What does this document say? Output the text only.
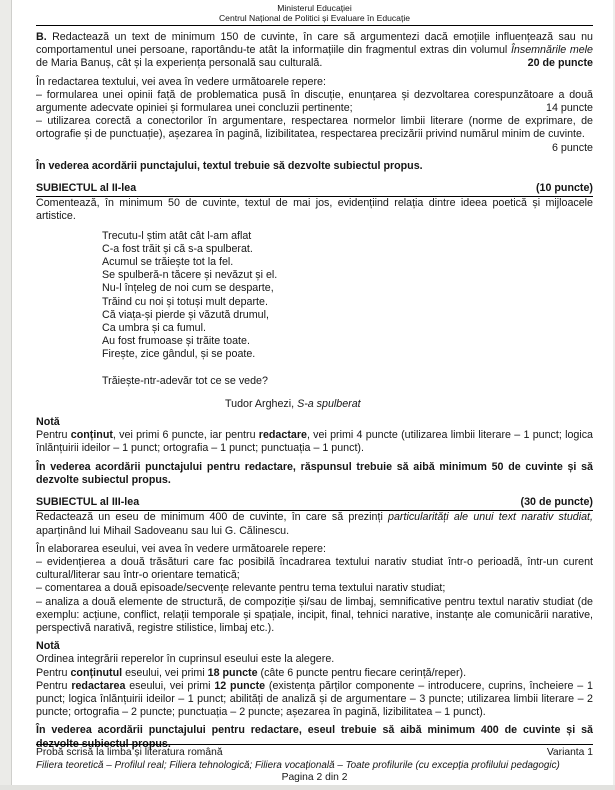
Ministerul Educației
Centrul Național de Politici și Evaluare în Educație

B. Redactează un text de minimum 150 de cuvinte, în care să argumentezi dacă emoțiile influențează sau nu comportamentul unei persoane, raportându-te atât la informațiile din fragmentul extras din volumul Însemnările mele de Maria Banuș, cât și la experiența personală sau culturală.	20 de puncte

În redactarea textului, vei avea în vedere următoarele repere:

– formularea unei opinii față de problematica pusă în discuție, enunțarea și dezvoltarea corespunzătoare a două argumente adecvate opiniei și formularea unei concluzii pertinente;	14 puncte

– utilizarea corectă a conectorilor în argumentare, respectarea normelor limbii literare (norme de exprimare, de ortografie și de punctuație), așezarea în pagină, lizibilitatea, respectarea precizării privind numărul minim de cuvinte.

6 puncte

În vederea acordării punctajului, textul trebuie să dezvolte subiectul propus.

SUBIECTUL al II-lea	(10 puncte)

Comentează, în minimum 50 de cuvinte, textul de mai jos, evidențiind relația dintre ideea poetică și mijloacele artistice.

Trecutu-l știm atât cât l-am aflat
C-a fost trăit și că s-a spulberat.
Acumul se trăiește tot la fel.
Se spulberă-n tăcere și nevăzut și el.
Nu-l înțeleg de noi cum se desparte,
Trăind cu noi și totuși mult departe.
Că viața-și pierde și văzută drumul,
Ca umbra și ca fumul.
Au fost frumoase și trăite toate.
Firește, zice gândul, și se poate.
Trăiește-ntr-adevăr tot ce se vede?
Tudor Arghezi, S-a spulberat

Notă

Pentru conținut, vei primi 6 puncte, iar pentru redactare, vei primi 4 puncte (utilizarea limbii literare – 1 punct; logica înlănțuirii ideilor – 1 punct; ortografia – 1 punct; punctuația – 1 punct).

În vederea acordării punctajului pentru redactare, răspunsul trebuie să aibă minimum 50 de cuvinte și să dezvolte subiectul propus.

SUBIECTUL al III-lea	(30 de puncte)

Redactează un eseu de minimum 400 de cuvinte, în care să prezinți particularități ale unui text narativ studiat, aparținând lui Mihail Sadoveanu sau lui G. Călinescu.

În elaborarea eseului, vei avea în vedere următoarele repere:

– evidențierea a două trăsături care fac posibilă încadrarea textului narativ studiat într-o perioadă, într-un curent cultural/literar sau într-o orientare tematică;

– comentarea a două episoade/secvențe relevante pentru tema textului narativ studiat;

– analiza a două elemente de structură, de compoziție și/sau de limbaj, semnificative pentru textul narativ studiat (de exemplu: acțiune, conflict, relații temporale și spațiale, incipit, final, tehnici narative, instanțe ale comunicării narative, perspectivă narativă, registre stilistice, limbaj etc.).

Notă

Ordinea integrării reperelor în cuprinsul eseului este la alegere.

Pentru conținutul eseului, vei primi 18 puncte (câte 6 puncte pentru fiecare cerință/reper).

Pentru redactarea eseului, vei primi 12 puncte (existența părților componente – introducere, cuprins, încheiere – 1 punct; logica înlănțuirii ideilor – 1 punct; abilități de analiză și de argumentare – 3 puncte; utilizarea limbii literare – 2 puncte; ortografia – 2 puncte; punctuația – 2 puncte; așezarea în pagină, lizibilitatea – 1 punct).

În vederea acordării punctajului pentru redactare, eseul trebuie să aibă minimum 400 de cuvinte și să dezvolte subiectul propus.

Probă scrisă la limba și literatura română	Varianta 1
Filiera teoretică – Profilul real; Filiera tehnologică; Filiera vocațională – Toate profilurile (cu excepția profilului pedagogic)
Pagina 2 din 2
